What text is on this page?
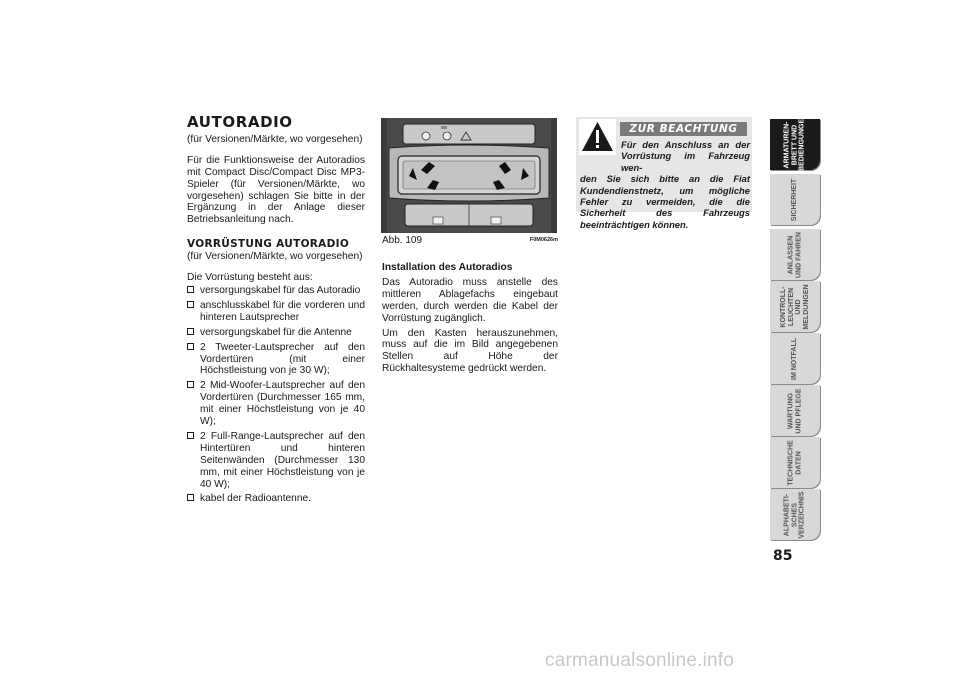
AUTORADIO

(für Versionen/Märkte, wo vorgesehen)

Für die Funktionsweise der Autoradios mit Compact Disc/Compact Disc MP3-Spieler (für Versionen/Märkte, wo vorgesehen) schlagen Sie bitte in der Ergänzung in der Anlage dieser Betriebsanleitung nach.

VORRÜSTUNG AUTORADIO

(für Versionen/Märkte, wo vorgesehen)

Die Vorrüstung besteht aus:

versorgungskabel für das Autoradio
anschlusskabel für die vorderen und hinteren Lautsprecher
versorgungskabel für die Antenne
2 Tweeter-Lautsprecher auf den Vordertüren (mit einer Höchstleistung von je 30 W);
2 Mid-Woofer-Lautsprecher auf den Vordertüren (Durchmesser 165 mm, mit einer Höchstleistung von je 40 W);
2 Full-Range-Lautsprecher auf den Hintertüren und hinteren Seitenwänden (Durchmesser 130 mm, mit einer Höchstleistung von je 40 W);
kabel der Radioantenne.
Abb. 109	F0M0626m

Installation des Autoradios

Das Autoradio muss anstelle des mittleren Ablagefachs eingebaut werden, durch werden die Kabel der Vorrüstung zugänglich.

Um den Kasten herauszunehmen, muss auf die im Bild angegebenen Stellen auf Höhe der Rückhaltesysteme gedrückt werden.

ZUR BEACHTUNG
Für den Anschluss an der Vorrüstung im Fahrzeug wen-
den Sie sich bitte an die Fiat Kundendienstnetz, um mögliche Fehler zu vermeiden, die die Sicherheit des Fahrzeugs beeinträchtigen können.
ARMATUREN-
BRETT UND
BEDIENGUNGEN
SICHERHEIT
ANLASSEN
UND FAHREN
KONTROLL-
LEUCHTEN UND
MELDUNGEN
IM NOTFALL
WARTUNG
UND PFLEGE
TECHNISCHE
DATEN
ALPHABETI-
SCHES
VERZEICHNIS
85
carmanualsonline.info
